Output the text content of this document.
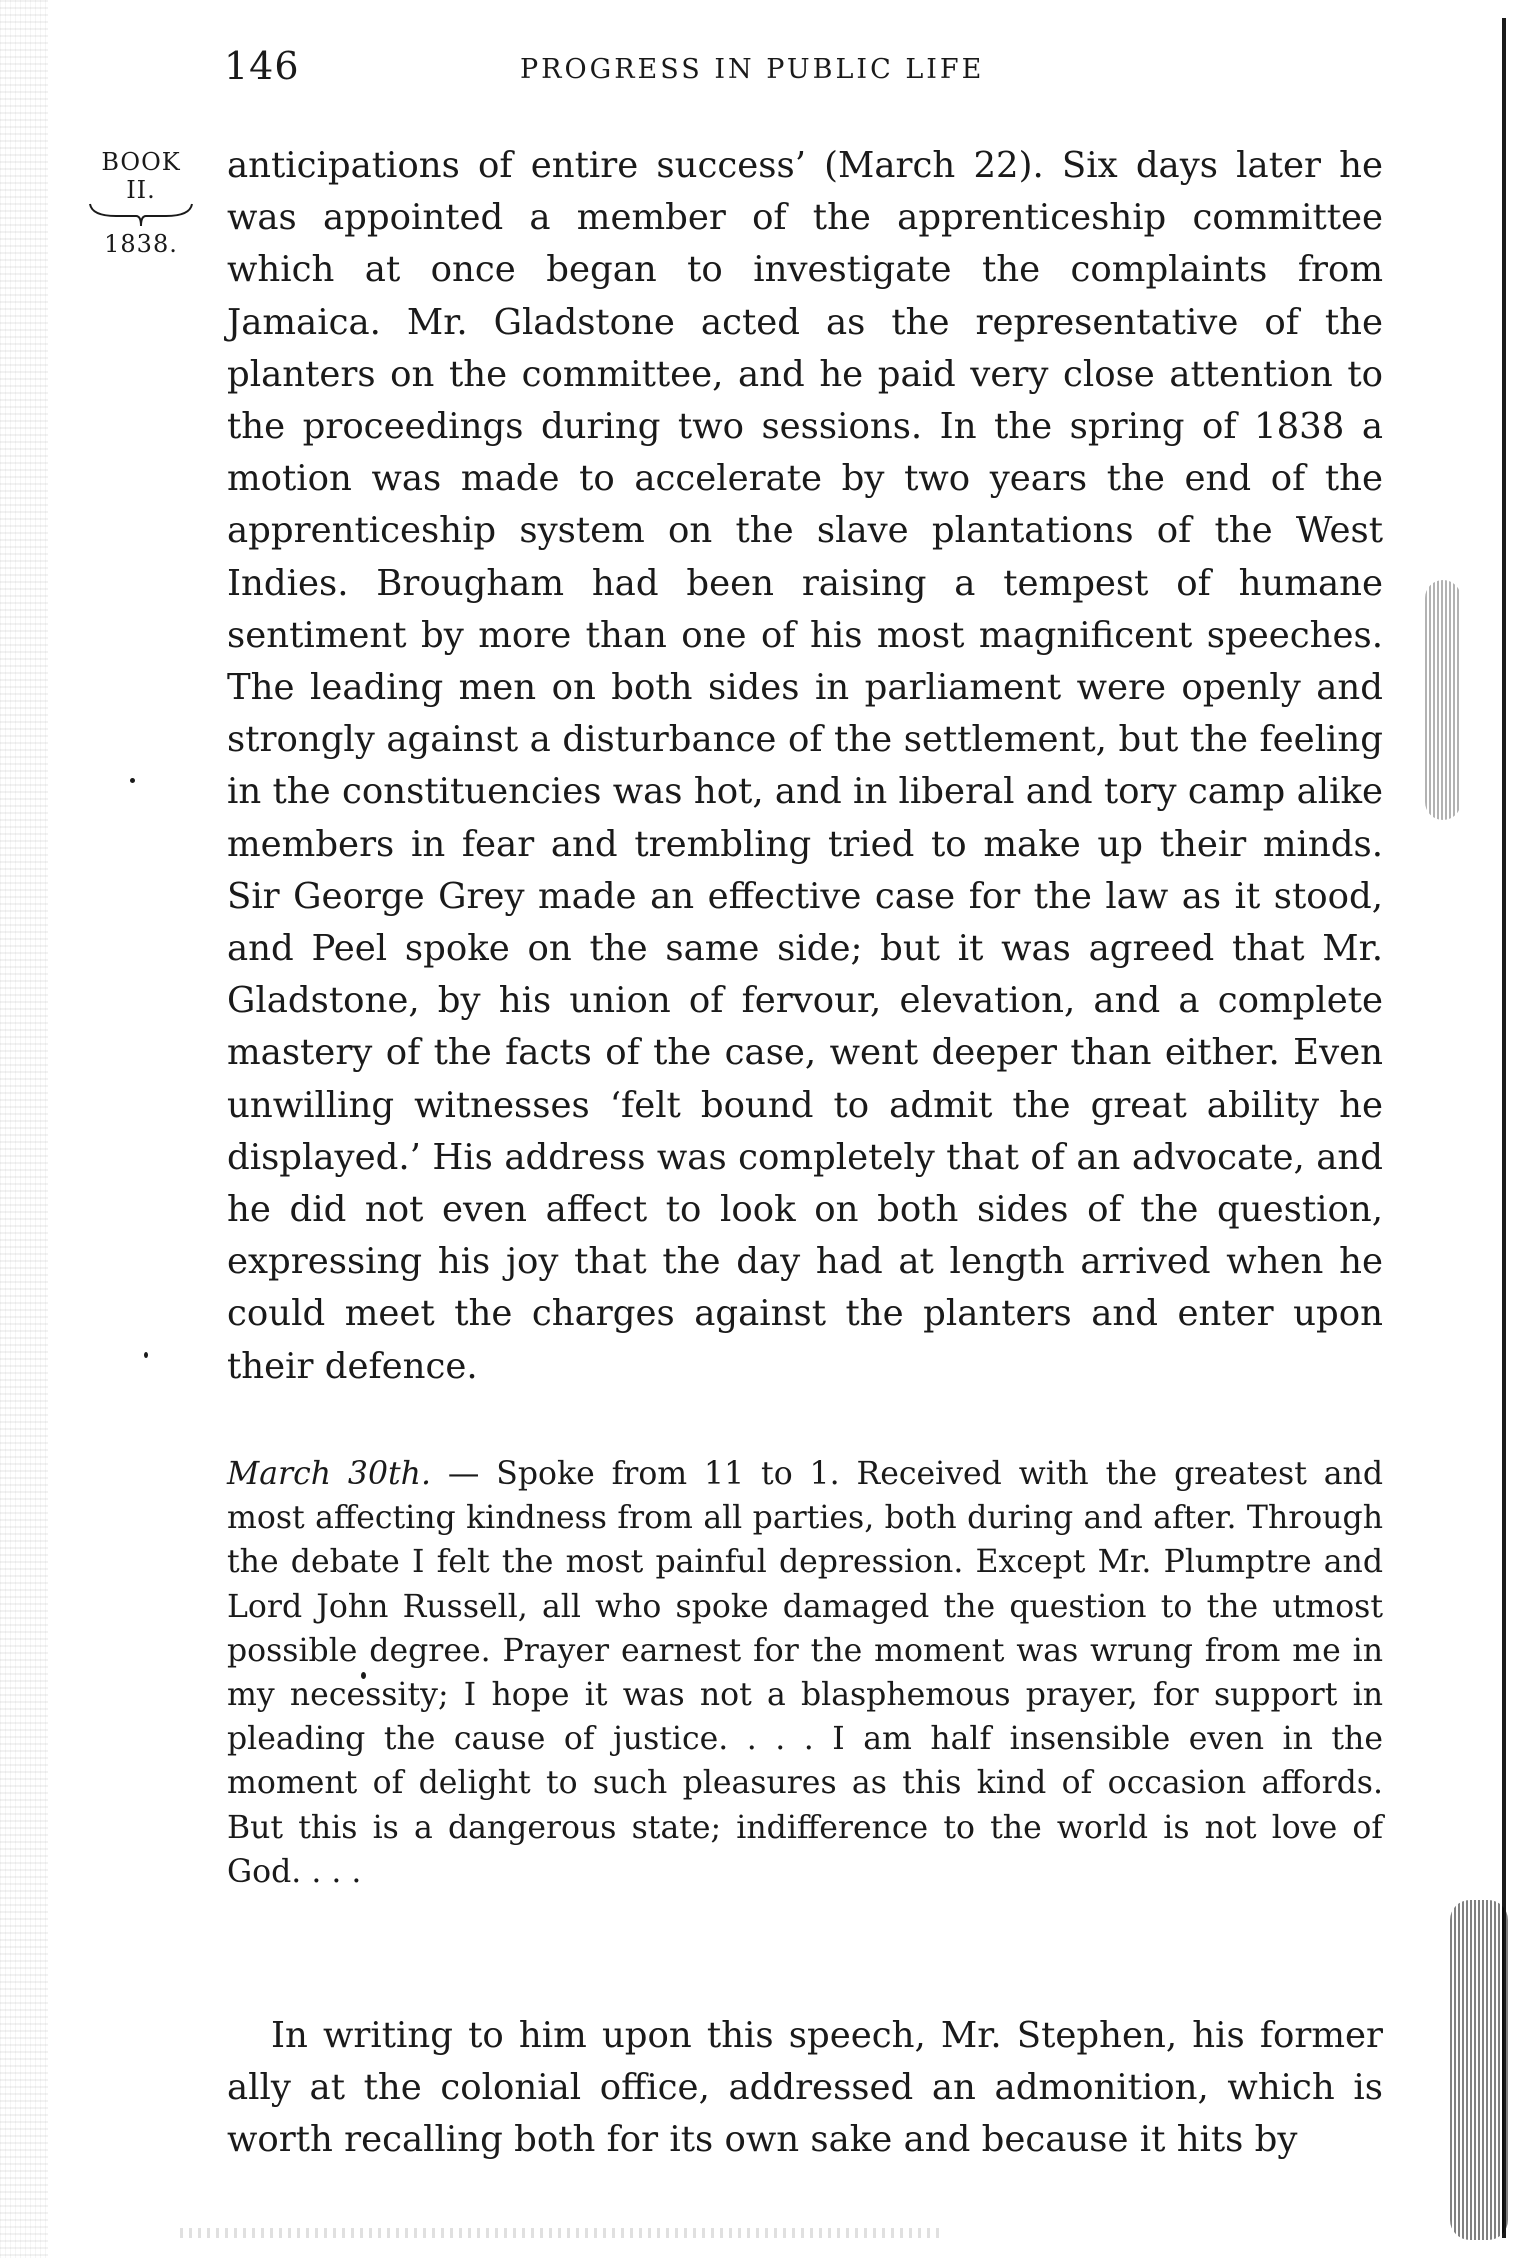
146	PROGRESS IN PUBLIC LIFE
BOOK
II.
1838.

anticipations of entire success’ (March 22). Six days later he was appointed a member of the apprenticeship committee which at once began to investigate the complaints from Jamaica. Mr. Gladstone acted as the representative of the planters on the committee, and he paid very close attention to the proceedings during two sessions. In the spring of 1838 a motion was made to accelerate by two years the end of the apprenticeship system on the slave plantations of the West Indies. Brougham had been raising a tempest of humane sentiment by more than one of his most magnificent speeches. The leading men on both sides in parliament were openly and strongly against a disturbance of the settlement, but the feeling in the constituencies was hot, and in liberal and tory camp alike members in fear and trembling tried to make up their minds. Sir George Grey made an effective case for the law as it stood, and Peel spoke on the same side; but it was agreed that Mr. Gladstone, by his union of fervour, elevation, and a complete mastery of the facts of the case, went deeper than either. Even unwilling witnesses ‘felt bound to admit the great ability he displayed.’ His address was completely that of an advocate, and he did not even affect to look on both sides of the question, expressing his joy that the day had at length arrived when he could meet the charges against the planters and enter upon their defence.

March 30th. — Spoke from 11 to 1. Received with the greatest and most affecting kindness from all parties, both during and after. Through the debate I felt the most painful depression. Except Mr. Plumptre and Lord John Russell, all who spoke damaged the question to the utmost possible degree. Prayer earnest for the moment was wrung from me in my necessity; I hope it was not a blasphemous prayer, for support in pleading the cause of justice. . . . I am half insensible even in the moment of delight to such pleasures as this kind of occasion affords. But this is a dangerous state; indifference to the world is not love of God. . . .

In writing to him upon this speech, Mr. Stephen, his former ally at the colonial office, addressed an admonition, which is worth recalling both for its own sake and because it hits by
